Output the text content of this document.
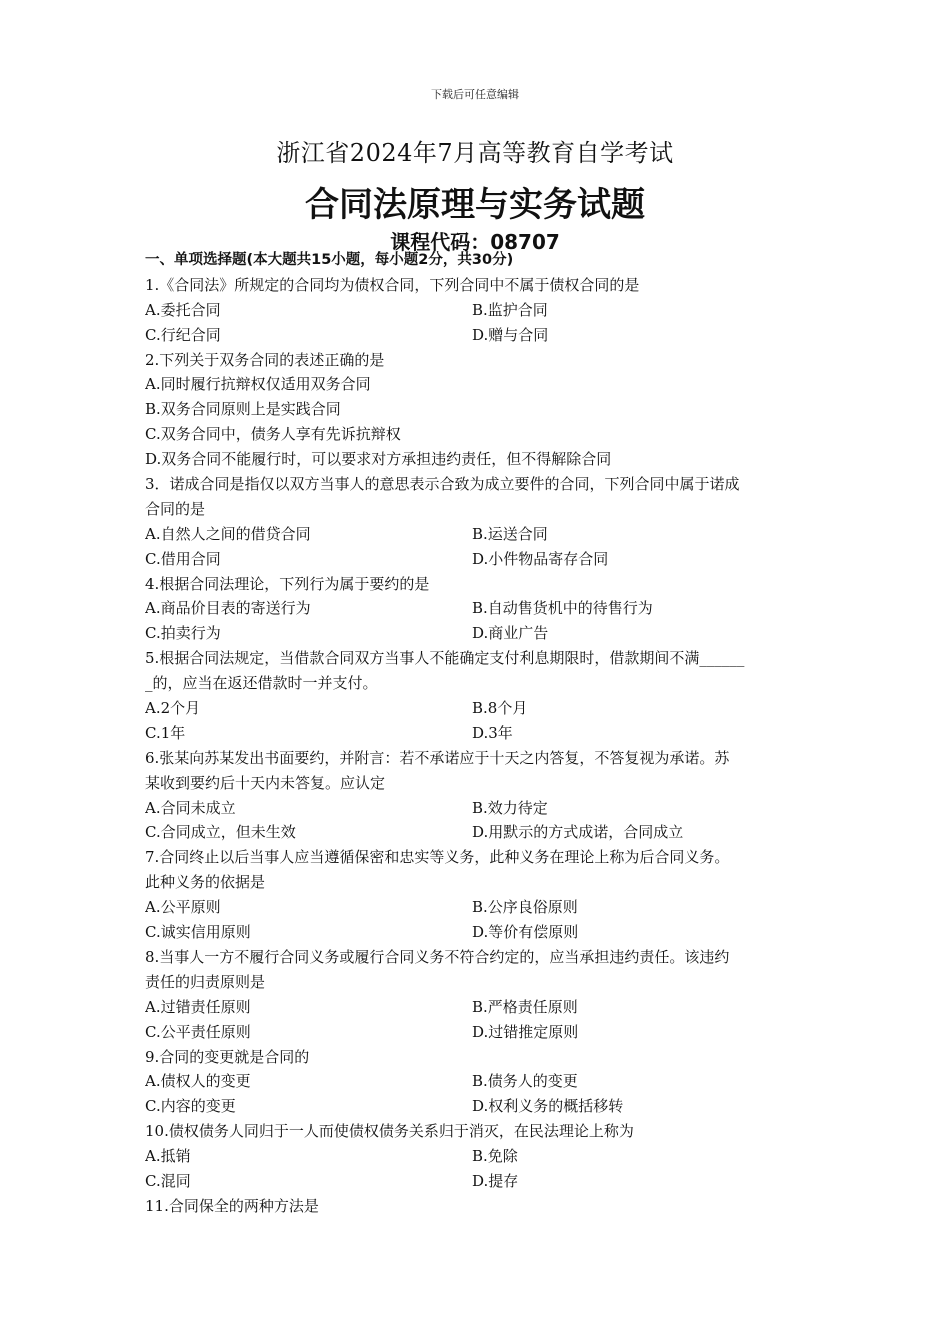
下载后可任意编辑
浙江省2024年7月高等教育自学考试
合同法原理与实务试题
课程代码：08707
一、单项选择题(本大题共15小题，每小题2分，共30分)
1.《合同法》所规定的合同均为债权合同，下列合同中不属于债权合同的是
A.委托合同	B.监护合同
C.行纪合同	D.赠与合同
2.下列关于双务合同的表述正确的是
A.同时履行抗辩权仅适用双务合同
B.双务合同原则上是实践合同
C.双务合同中，债务人享有先诉抗辩权
D.双务合同不能履行时，可以要求对方承担违约责任，但不得解除合同
3．诺成合同是指仅以双方当事人的意思表示合致为成立要件的合同，下列合同中属于诺成
合同的是
A.自然人之间的借贷合同	B.运送合同
C.借用合同	D.小件物品寄存合同
4.根据合同法理论，下列行为属于要约的是
A.商品价目表的寄送行为	B.自动售货机中的待售行为
C.拍卖行为	D.商业广告
5.根据合同法规定，当借款合同双方当事人不能确定支付利息期限时，借款期间不满______
_的，应当在返还借款时一并支付。
A.2个月	B.8个月
C.1年	D.3年
6.张某向苏某发出书面要约，并附言：若不承诺应于十天之内答复，不答复视为承诺。苏
某收到要约后十天内未答复。应认定
A.合同未成立	B.效力待定
C.合同成立，但未生效	D.用默示的方式成诺，合同成立
7.合同终止以后当事人应当遵循保密和忠实等义务，此种义务在理论上称为后合同义务。
此种义务的依据是
A.公平原则	B.公序良俗原则
C.诚实信用原则	D.等价有偿原则
8.当事人一方不履行合同义务或履行合同义务不符合约定的，应当承担违约责任。该违约
责任的归责原则是
A.过错责任原则	B.严格责任原则
C.公平责任原则	D.过错推定原则
9.合同的变更就是合同的
A.债权人的变更	B.债务人的变更
C.内容的变更	D.权利义务的概括移转
10.债权债务人同归于一人而使债权债务关系归于消灭，在民法理论上称为
A.抵销	B.免除
C.混同	D.提存
11.合同保全的两种方法是
